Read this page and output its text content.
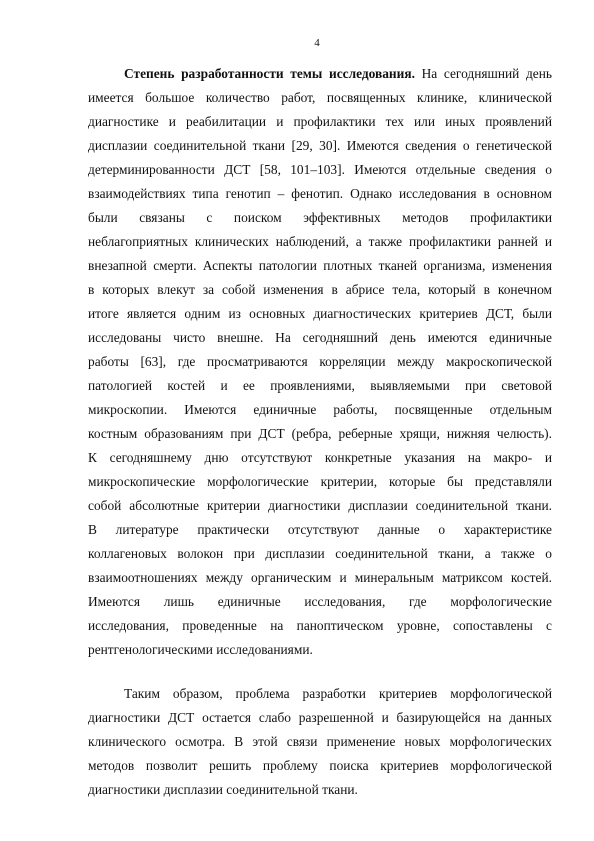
4
Степень разработанности темы исследования. На сегодняшний день
имеется большое количество работ, посвященных клинике, клинической
диагностике и реабилитации и профилактики тех или иных проявлений
дисплазии соединительной ткани [29, 30]. Имеются сведения о генетической
детерминированности ДСТ [58, 101–103]. Имеются отдельные сведения о
взаимодействиях типа генотип – фенотип. Однако исследования в основном
были связаны с поиском эффективных методов профилактики
неблагоприятных клинических наблюдений, а также профилактики ранней и
внезапной смерти. Аспекты патологии плотных тканей организма, изменения
в которых влекут за собой изменения в абрисе тела, который в конечном
итоге является одним из основных диагностических критериев ДСТ, были
исследованы чисто внешне. На сегодняшний день имеются единичные
работы [63], где просматриваются корреляции между макроскопической
патологией костей и ее проявлениями, выявляемыми при световой
микроскопии. Имеются единичные работы, посвященные отдельным
костным образованиям при ДСТ (ребра, реберные хрящи, нижняя челюсть).
К сегодняшнему дню отсутствуют конкретные указания на макро- и
микроскопические морфологические критерии, которые бы представляли
собой абсолютные критерии диагностики дисплазии соединительной ткани.
В литературе практически отсутствуют данные о характеристике
коллагеновых волокон при дисплазии соединительной ткани, а также о
взаимоотношениях между органическим и минеральным матриксом костей.
Имеются лишь единичные исследования, где морфологические
исследования, проведенные на паноптическом уровне, сопоставлены с
рентгенологическими исследованиями.
Таким образом, проблема разработки критериев морфологической
диагностики ДСТ остается слабо разрешенной и базирующейся на данных
клинического осмотра. В этой связи применение новых морфологических
методов позволит решить проблему поиска критериев морфологической
диагностики дисплазии соединительной ткани.
